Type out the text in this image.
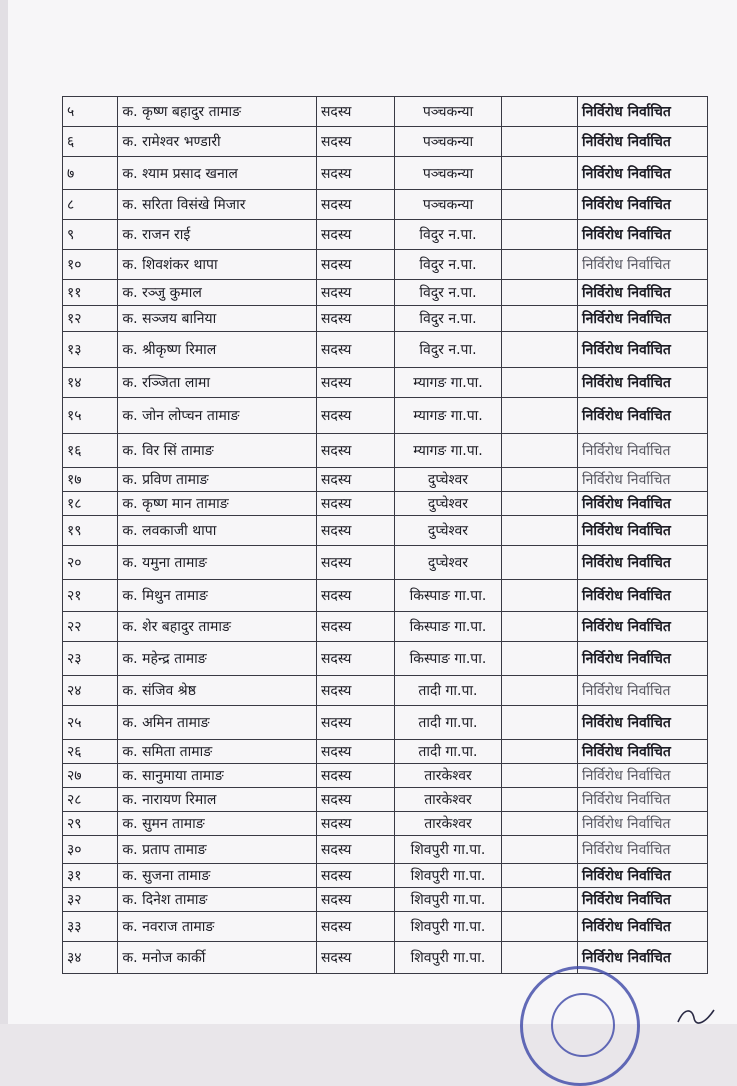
५	क. कृष्ण बहादुर तामाङ	सदस्य	पञ्चकन्या		निर्विरोध निर्वाचित
६	क. रामेश्वर भण्डारी	सदस्य	पञ्चकन्या		निर्विरोध निर्वाचित
७	क. श्याम प्रसाद खनाल	सदस्य	पञ्चकन्या		निर्विरोध निर्वाचित
८	क. सरिता विसंखे मिजार	सदस्य	पञ्चकन्या		निर्विरोध निर्वाचित
९	क. राजन राई	सदस्य	विदुर न.पा.		निर्विरोध निर्वाचित
१०	क. शिवशंकर थापा	सदस्य	विदुर न.पा.		निर्विरोध निर्वाचित
११	क. रञ्जु कुमाल	सदस्य	विदुर न.पा.		निर्विरोध निर्वाचित
१२	क. सञ्जय बानिया	सदस्य	विदुर न.पा.		निर्विरोध निर्वाचित
१३	क. श्रीकृष्ण रिमाल	सदस्य	विदुर न.पा.		निर्विरोध निर्वाचित
१४	क. रञ्जिता लामा	सदस्य	म्यागङ गा.पा.		निर्विरोध निर्वाचित
१५	क. जोन लोप्चन तामाङ	सदस्य	म्यागङ गा.पा.		निर्विरोध निर्वाचित
१६	क. विर सिं तामाङ	सदस्य	म्यागङ गा.पा.		निर्विरोध निर्वाचित
१७	क. प्रविण तामाङ	सदस्य	दुप्चेश्वर		निर्विरोध निर्वाचित
१८	क. कृष्ण मान तामाङ	सदस्य	दुप्चेश्वर		निर्विरोध निर्वाचित
१९	क. लवकाजी थापा	सदस्य	दुप्चेश्वर		निर्विरोध निर्वाचित
२०	क. यमुना तामाङ	सदस्य	दुप्चेश्वर		निर्विरोध निर्वाचित
२१	क. मिथुन तामाङ	सदस्य	किस्पाङ गा.पा.		निर्विरोध निर्वाचित
२२	क. शेर बहादुर तामाङ	सदस्य	किस्पाङ गा.पा.		निर्विरोध निर्वाचित
२३	क. महेन्द्र तामाङ	सदस्य	किस्पाङ गा.पा.		निर्विरोध निर्वाचित
२४	क. संजिव श्रेष्ठ	सदस्य	तादी गा.पा.		निर्विरोध निर्वाचित
२५	क. अमिन तामाङ	सदस्य	तादी गा.पा.		निर्विरोध निर्वाचित
२६	क. समिता तामाङ	सदस्य	तादी गा.पा.		निर्विरोध निर्वाचित
२७	क. सानुमाया तामाङ	सदस्य	तारकेश्वर		निर्विरोध निर्वाचित
२८	क. नारायण रिमाल	सदस्य	तारकेश्वर		निर्विरोध निर्वाचित
२९	क. सुमन तामाङ	सदस्य	तारकेश्वर		निर्विरोध निर्वाचित
३०	क. प्रताप तामाङ	सदस्य	शिवपुरी गा.पा.		निर्विरोध निर्वाचित
३१	क. सुजना तामाङ	सदस्य	शिवपुरी गा.पा.		निर्विरोध निर्वाचित
३२	क. दिनेश तामाङ	सदस्य	शिवपुरी गा.पा.		निर्विरोध निर्वाचित
३३	क. नवराज तामाङ	सदस्य	शिवपुरी गा.पा.		निर्विरोध निर्वाचित
३४	क. मनोज कार्की	सदस्य	शिवपुरी गा.पा.		निर्विरोध निर्वाचित
